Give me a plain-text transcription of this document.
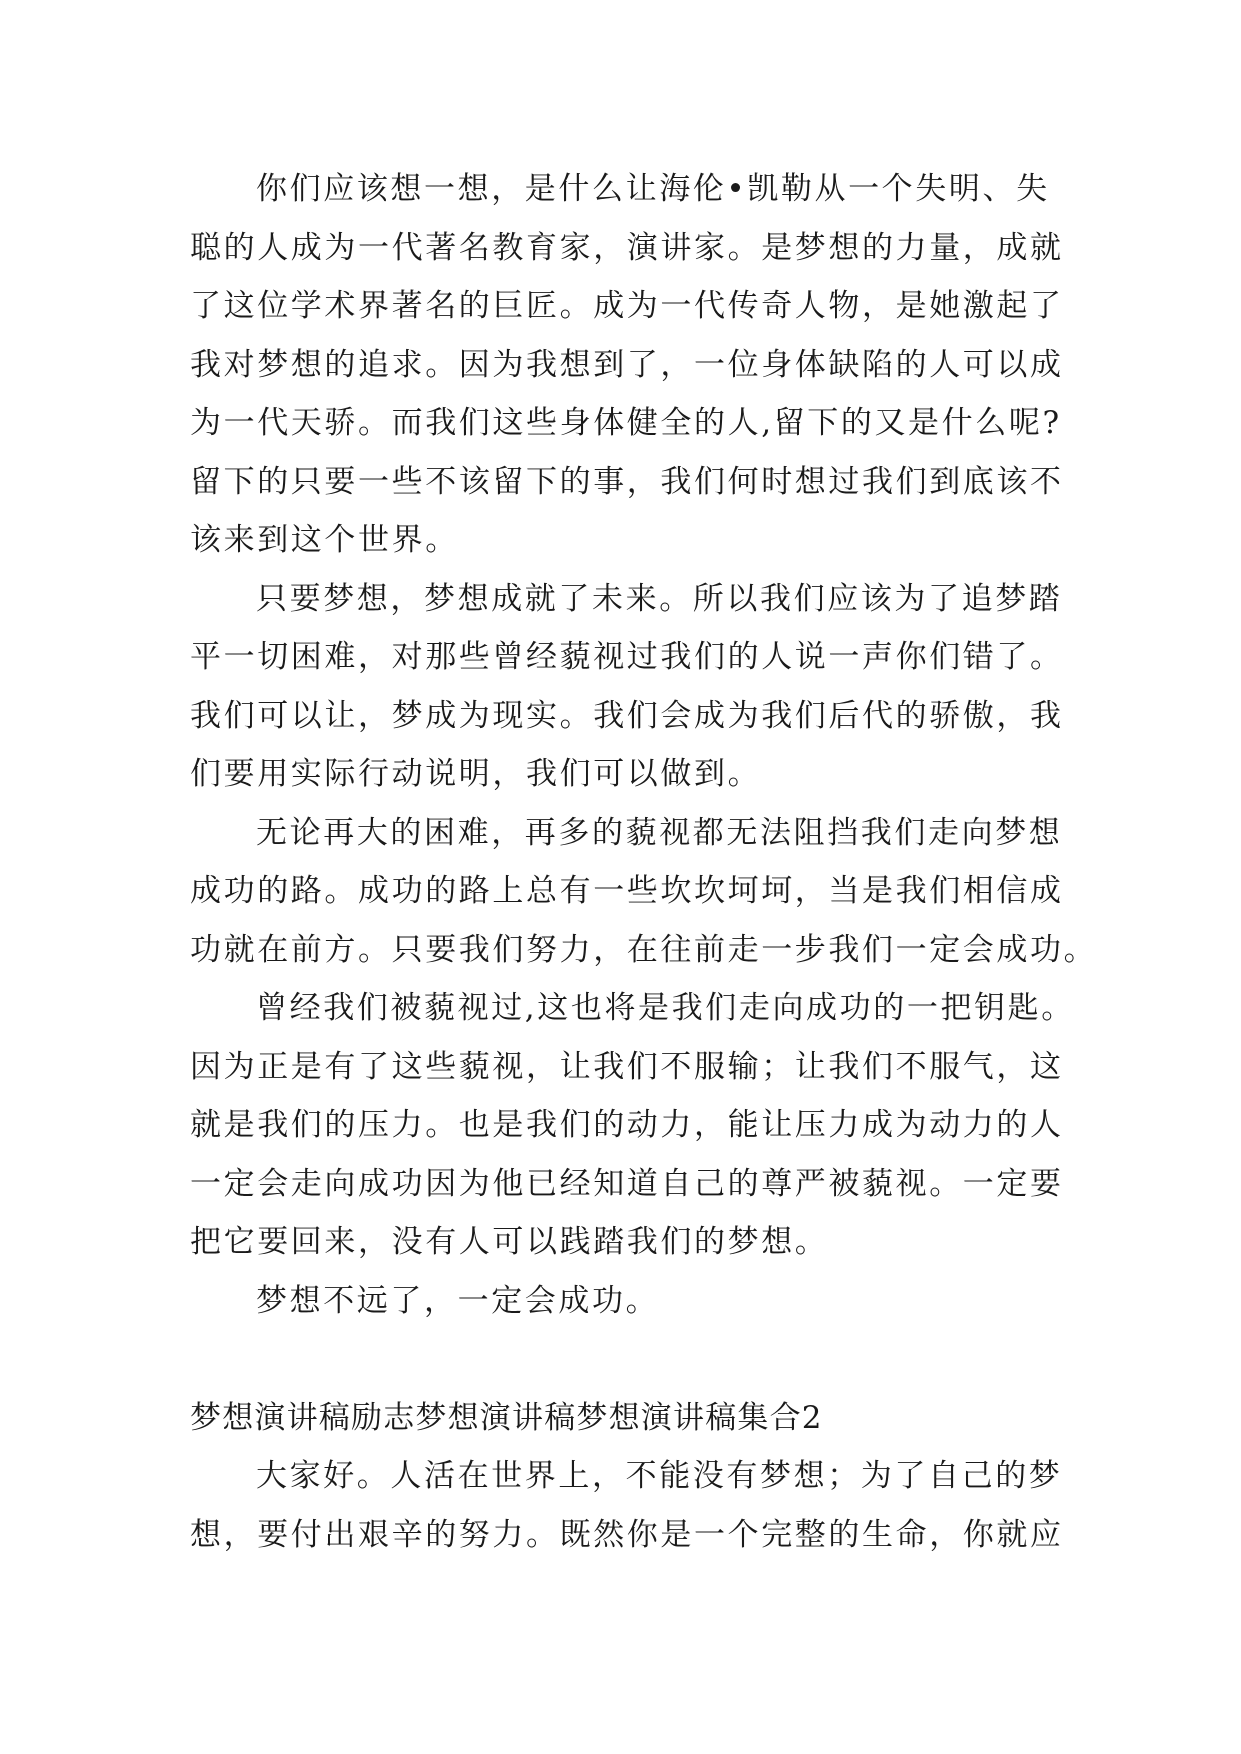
你们应该想一想，是什么让海伦•凯勒从一个失明、失
聪的人成为一代著名教育家，演讲家。是梦想的力量，成就
了这位学术界著名的巨匠。成为一代传奇人物，是她激起了
我对梦想的追求。因为我想到了，一位身体缺陷的人可以成
为一代天骄。而我们这些身体健全的人,留下的又是什么呢?
留下的只要一些不该留下的事，我们何时想过我们到底该不
该来到这个世界。
只要梦想，梦想成就了未来。所以我们应该为了追梦踏
平一切困难，对那些曾经藐视过我们的人说一声你们错了。
我们可以让，梦成为现实。我们会成为我们后代的骄傲，我
们要用实际行动说明，我们可以做到。
无论再大的困难，再多的藐视都无法阻挡我们走向梦想
成功的路。成功的路上总有一些坎坎坷坷，当是我们相信成
功就在前方。只要我们努力，在往前走一步我们一定会成功。
曾经我们被藐视过,这也将是我们走向成功的一把钥匙。
因为正是有了这些藐视，让我们不服输；让我们不服气，这
就是我们的压力。也是我们的动力，能让压力成为动力的人
一定会走向成功因为他已经知道自己的尊严被藐视。一定要
把它要回来，没有人可以践踏我们的梦想。
梦想不远了，一定会成功。
梦想演讲稿励志梦想演讲稿梦想演讲稿集合2
大家好。人活在世界上，不能没有梦想；为了自己的梦
想，要付出艰辛的努力。既然你是一个完整的生命，你就应
